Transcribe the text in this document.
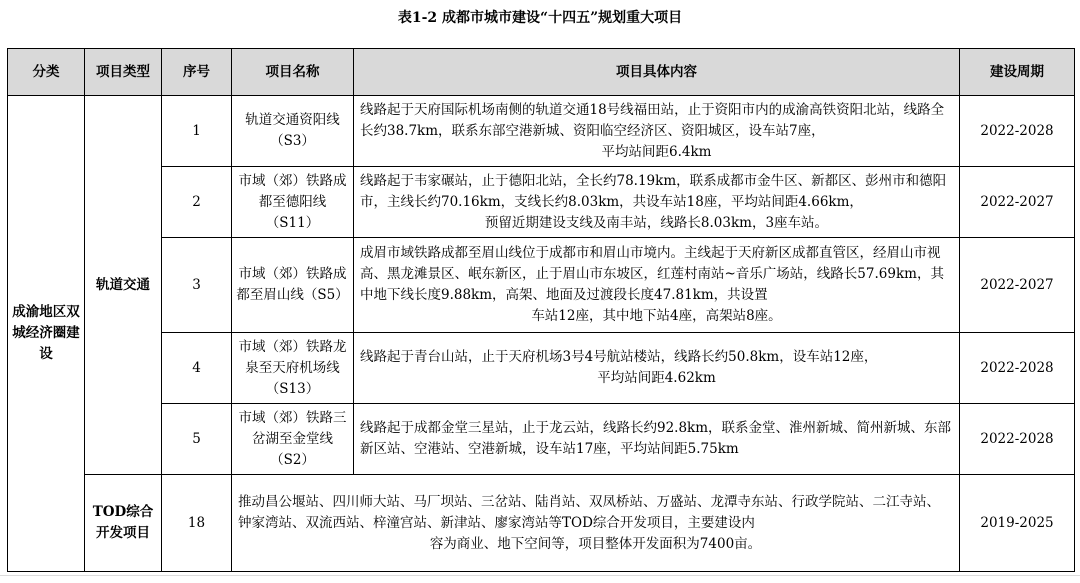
表1-2 成都市城市建设“十四五”规划重大项目
分类	项目类型	序号	项目名称	项目具体内容	建设周期
成渝地区双城经济圈建设	轨道交通	1	轨道交通资阳线（S3）	线路起于天府国际机场南侧的轨道交通18号线福田站，止于资阳市内的成渝高铁资阳北站，线路全长约38.7km，联系东部空港新城、资阳临空经济区、资阳城区，设车站7座，
平均站间距6.4km	2022-2028
		2	市域（郊）铁路成都至德阳线（S11）	线路起于韦家碾站，止于德阳北站，全长约78.19km，联系成都市金牛区、新都区、彭州市和德阳市，主线长约70.16km，支线长约8.03km，共设车站18座，平均站间距4.66km，
预留近期建设支线及南丰站，线路长8.03km，3座车站。	2022-2027
		3	市域（郊）铁路成都至眉山线（S5）	成眉市域铁路成都至眉山线位于成都市和眉山市境内。主线起于天府新区成都直管区，经眉山市视高、黑龙滩景区、岷东新区，止于眉山市东坡区，红莲村南站~音乐广场站，线路长57.69km，其中地下线长度9.88km，高架、地面及过渡段长度47.81km，共设置
车站12座，其中地下站4座，高架站8座。	2022-2027
		4	市域（郊）铁路龙泉至天府机场线（S13）	线路起于青台山站，止于天府机场3号4号航站楼站，线路长约50.8km，设车站12座，
平均站间距4.62km	2022-2028
		5	市域（郊）铁路三岔湖至金堂线（S2）	线路起于成都金堂三星站，止于龙云站，线路长约92.8km，联系金堂、淮州新城、简州新城、东部新区站、空港站、空港新城，设车站17座，平均站间距5.75km	2022-2028
	TOD综合开发项目	18	推动昌公堰站、四川师大站、马厂坝站、三岔站、陆肖站、双凤桥站、万盛站、龙潭寺东站、行政学院站、二江寺站、钟家湾站、双流西站、梓潼宫站、新津站、廖家湾站等TOD综合开发项目，主要建设内
容为商业、地下空间等，项目整体开发面积为7400亩。		2019-2025
